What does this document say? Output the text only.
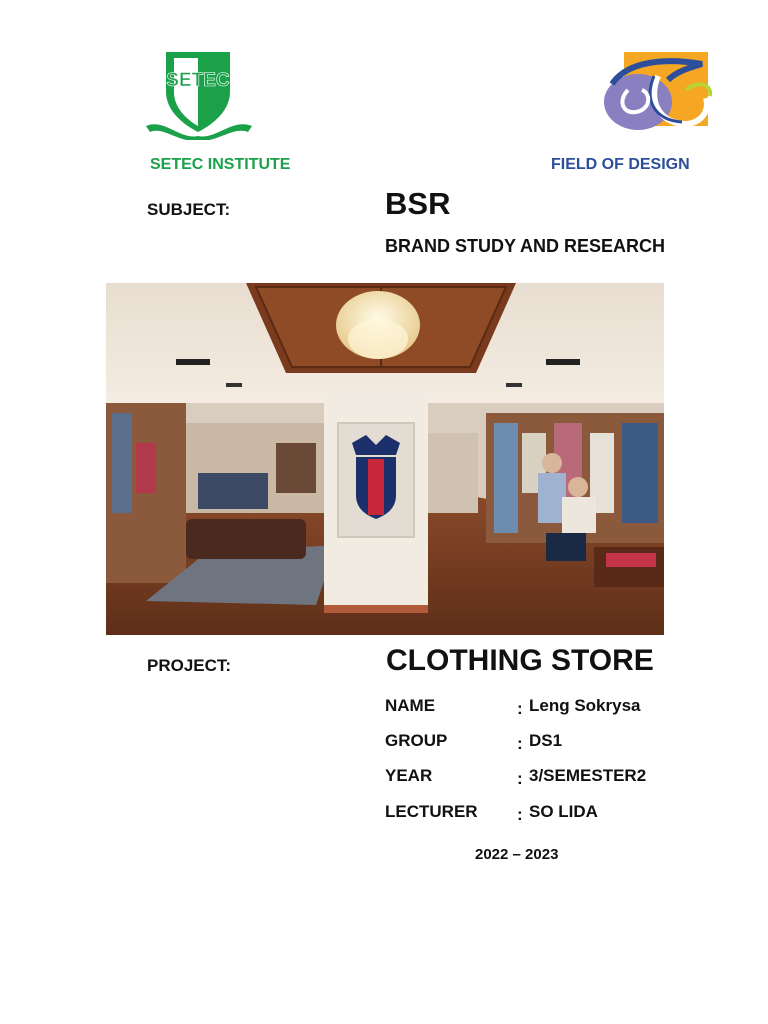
SETEC
SETEC INSTITUTE	FIELD OF DESIGN
SUBJECT:	BSR
BRAND STUDY AND RESEARCH
PROJECT:	CLOTHING STORE
NAME	: Leng Sokrysa
GROUP	: DS1
YEAR	: 3/SEMESTER2
LECTURER : SO LIDA
2022 – 2023
